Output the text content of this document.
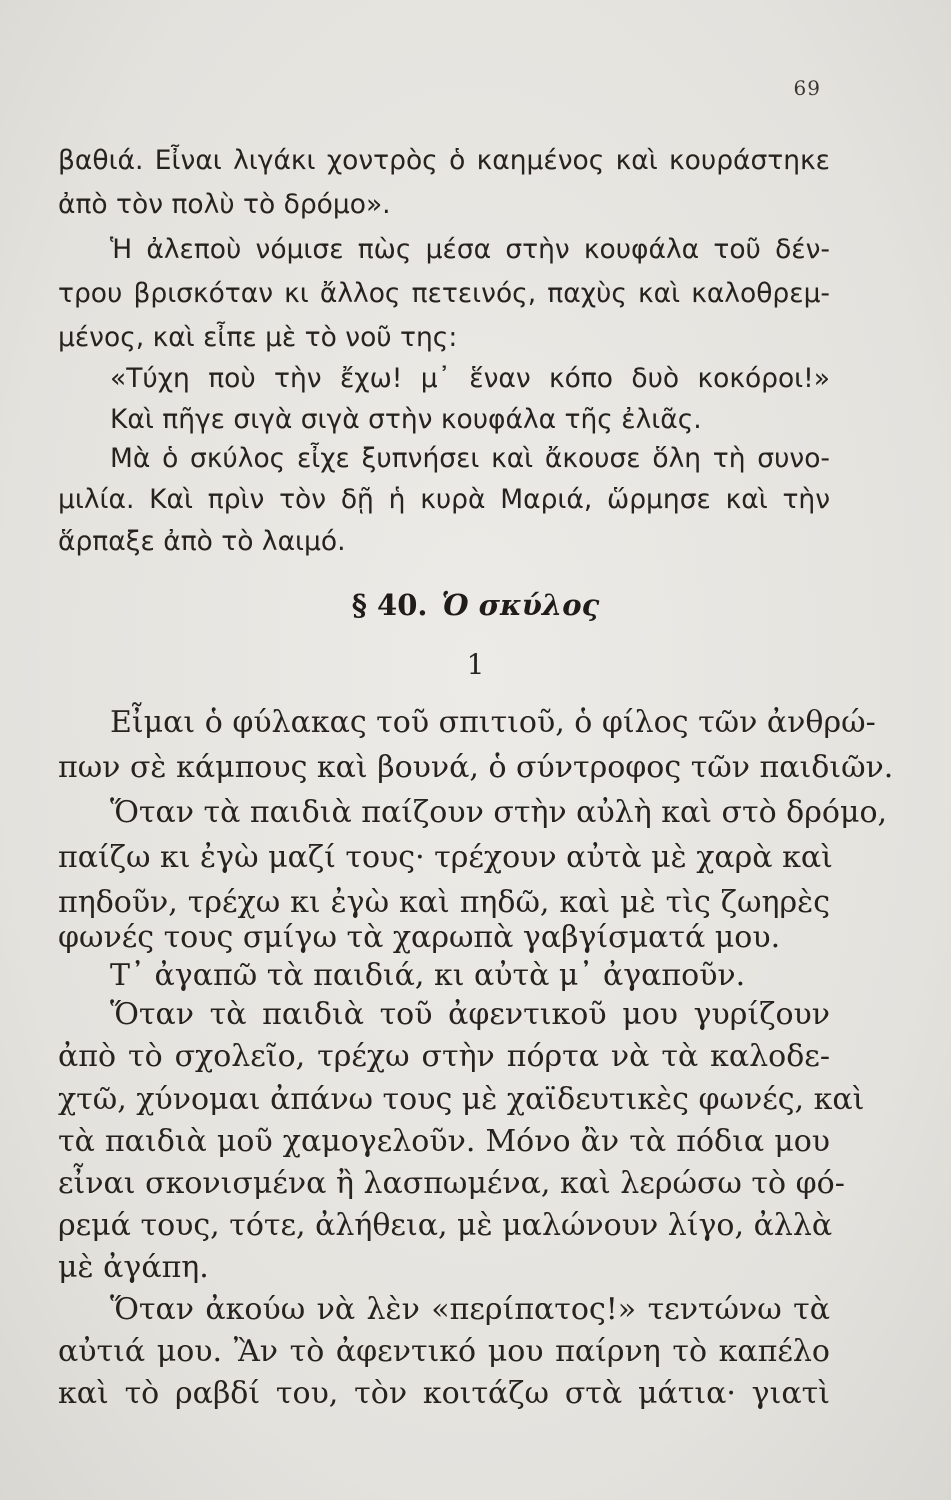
69
βαθιά. Εἶναι λιγάκι χοντρὸς ὁ καημένος καὶ κουράστηκε
ἀπὸ τὸν πολὺ τὸ δρόμο».
Ἡ ἀλεποὺ νόμισε πὼς μέσα στὴν κουφάλα τοῦ δέν-
τρου βρισκόταν κι ἄλλος πετεινός, παχὺς καὶ καλοθρεμ-
μένος, καὶ εἶπε μὲ τὸ νοῦ της:
«Τύχη ποὺ τὴν ἔχω! μ᾿ ἕναν κόπο δυὸ κοκόροι!»
Καὶ πῆγε σιγὰ σιγὰ στὴν κουφάλα τῆς ἐλιᾶς.
Μὰ ὁ σκύλος εἶχε ξυπνήσει καὶ ἄκουσε ὅλη τὴ συνο-
μιλία. Καὶ πρὶν τὸν δῇ ἡ κυρὰ Μαριά, ὥρμησε καὶ τὴν
ἅρπαξε ἀπὸ τὸ λαιμό.
§ 40. Ὁ σκύλος
1
Εἶμαι ὁ φύλακας τοῦ σπιτιοῦ, ὁ φίλος τῶν ἀνθρώ-
πων σὲ κάμπους καὶ βουνά, ὁ σύντροφος τῶν παιδιῶν.
Ὅταν τὰ παιδιὰ παίζουν στὴν αὐλὴ καὶ στὸ δρόμο,
παίζω κι ἐγὼ μαζί τους· τρέχουν αὐτὰ μὲ χαρὰ καὶ
πηδοῦν, τρέχω κι ἐγὼ καὶ πηδῶ, καὶ μὲ τὶς ζωηρὲς
φωνές τους σμίγω τὰ χαρωπὰ γαβγίσματά μου.
Τ᾿ ἀγαπῶ τὰ παιδιά, κι αὐτὰ μ᾿ ἀγαποῦν.
Ὅταν τὰ παιδιὰ τοῦ ἀφεντικοῦ μου γυρίζουν
ἀπὸ τὸ σχολεῖο, τρέχω στὴν πόρτα νὰ τὰ καλοδε-
χτῶ, χύνομαι ἀπάνω τους μὲ χαϊδευτικὲς φωνές, καὶ
τὰ παιδιὰ μοῦ χαμογελοῦν. Μόνο ἂν τὰ πόδια μου
εἶναι σκονισμένα ἢ λασπωμένα, καὶ λερώσω τὸ φό-
ρεμά τους, τότε, ἀλήθεια, μὲ μαλώνουν λίγο, ἀλλὰ
μὲ ἀγάπη.
Ὅταν ἀκούω νὰ λὲν «περίπατος!» τεντώνω τὰ
αὐτιά μου. Ἂν τὸ ἀφεντικό μου παίρνη τὸ καπέλο
καὶ τὸ ραβδί του, τὸν κοιτάζω στὰ μάτια· γιατὶ
